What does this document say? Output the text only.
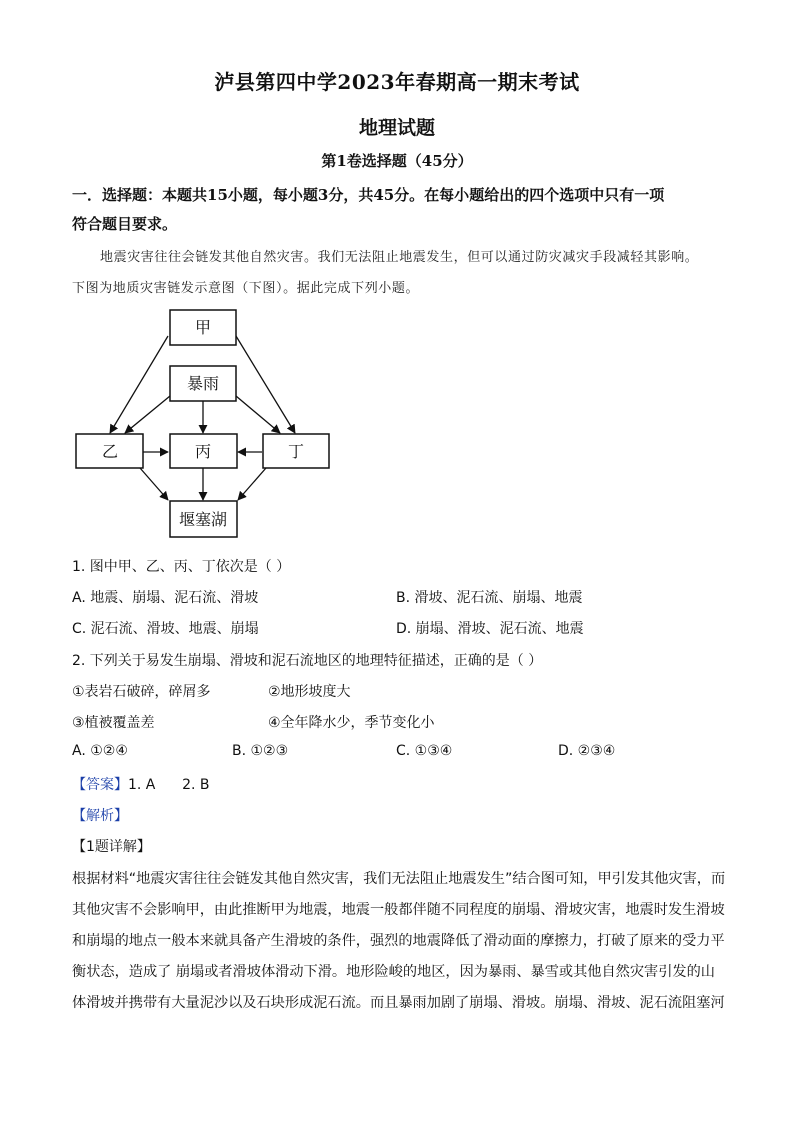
泸县第四中学2023年春期高一期末考试
地理试题
第1卷选择题（45分）
一．选择题：本题共15小题，每小题3分，共45分。在每小题给出的四个选项中只有一项
符合题目要求。
地震灾害往往会链发其他自然灾害。我们无法阻止地震发生，但可以通过防灾减灾手段减轻其影响。
下图为地质灾害链发示意图（下图）。据此完成下列小题。
甲
暴雨
乙	丙	丁
堰塞湖
1. 图中甲、乙、丙、丁依次是（ ）
A. 地震、崩塌、泥石流、滑坡	B. 滑坡、泥石流、崩塌、地震
C. 泥石流、滑坡、地震、崩塌	D. 崩塌、滑坡、泥石流、地震
2. 下列关于易发生崩塌、滑坡和泥石流地区的地理特征描述，正确的是（ ）
①表岩石破碎，碎屑多	②地形坡度大
③植被覆盖差	④全年降水少，季节变化小
A. ①②④	B. ①②③	C. ①③④	D. ②③④
【答案】1. A      2. B
【解析】
【1题详解】
根据材料“地震灾害往往会链发其他自然灾害，我们无法阻止地震发生”结合图可知，甲引发其他灾害，而
其他灾害不会影响甲，由此推断甲为地震，地震一般都伴随不同程度的崩塌、滑坡灾害，地震时发生滑坡
和崩塌的地点一般本来就具备产生滑坡的条件，强烈的地震降低了滑动面的摩擦力，打破了原来的受力平
衡状态，造成了 崩塌或者滑坡体滑动下滑。地形险峻的地区，因为暴雨、暴雪或其他自然灾害引发的山
体滑坡并携带有大量泥沙以及石块形成泥石流。而且暴雨加剧了崩塌、滑坡。崩塌、滑坡、泥石流阻塞河
